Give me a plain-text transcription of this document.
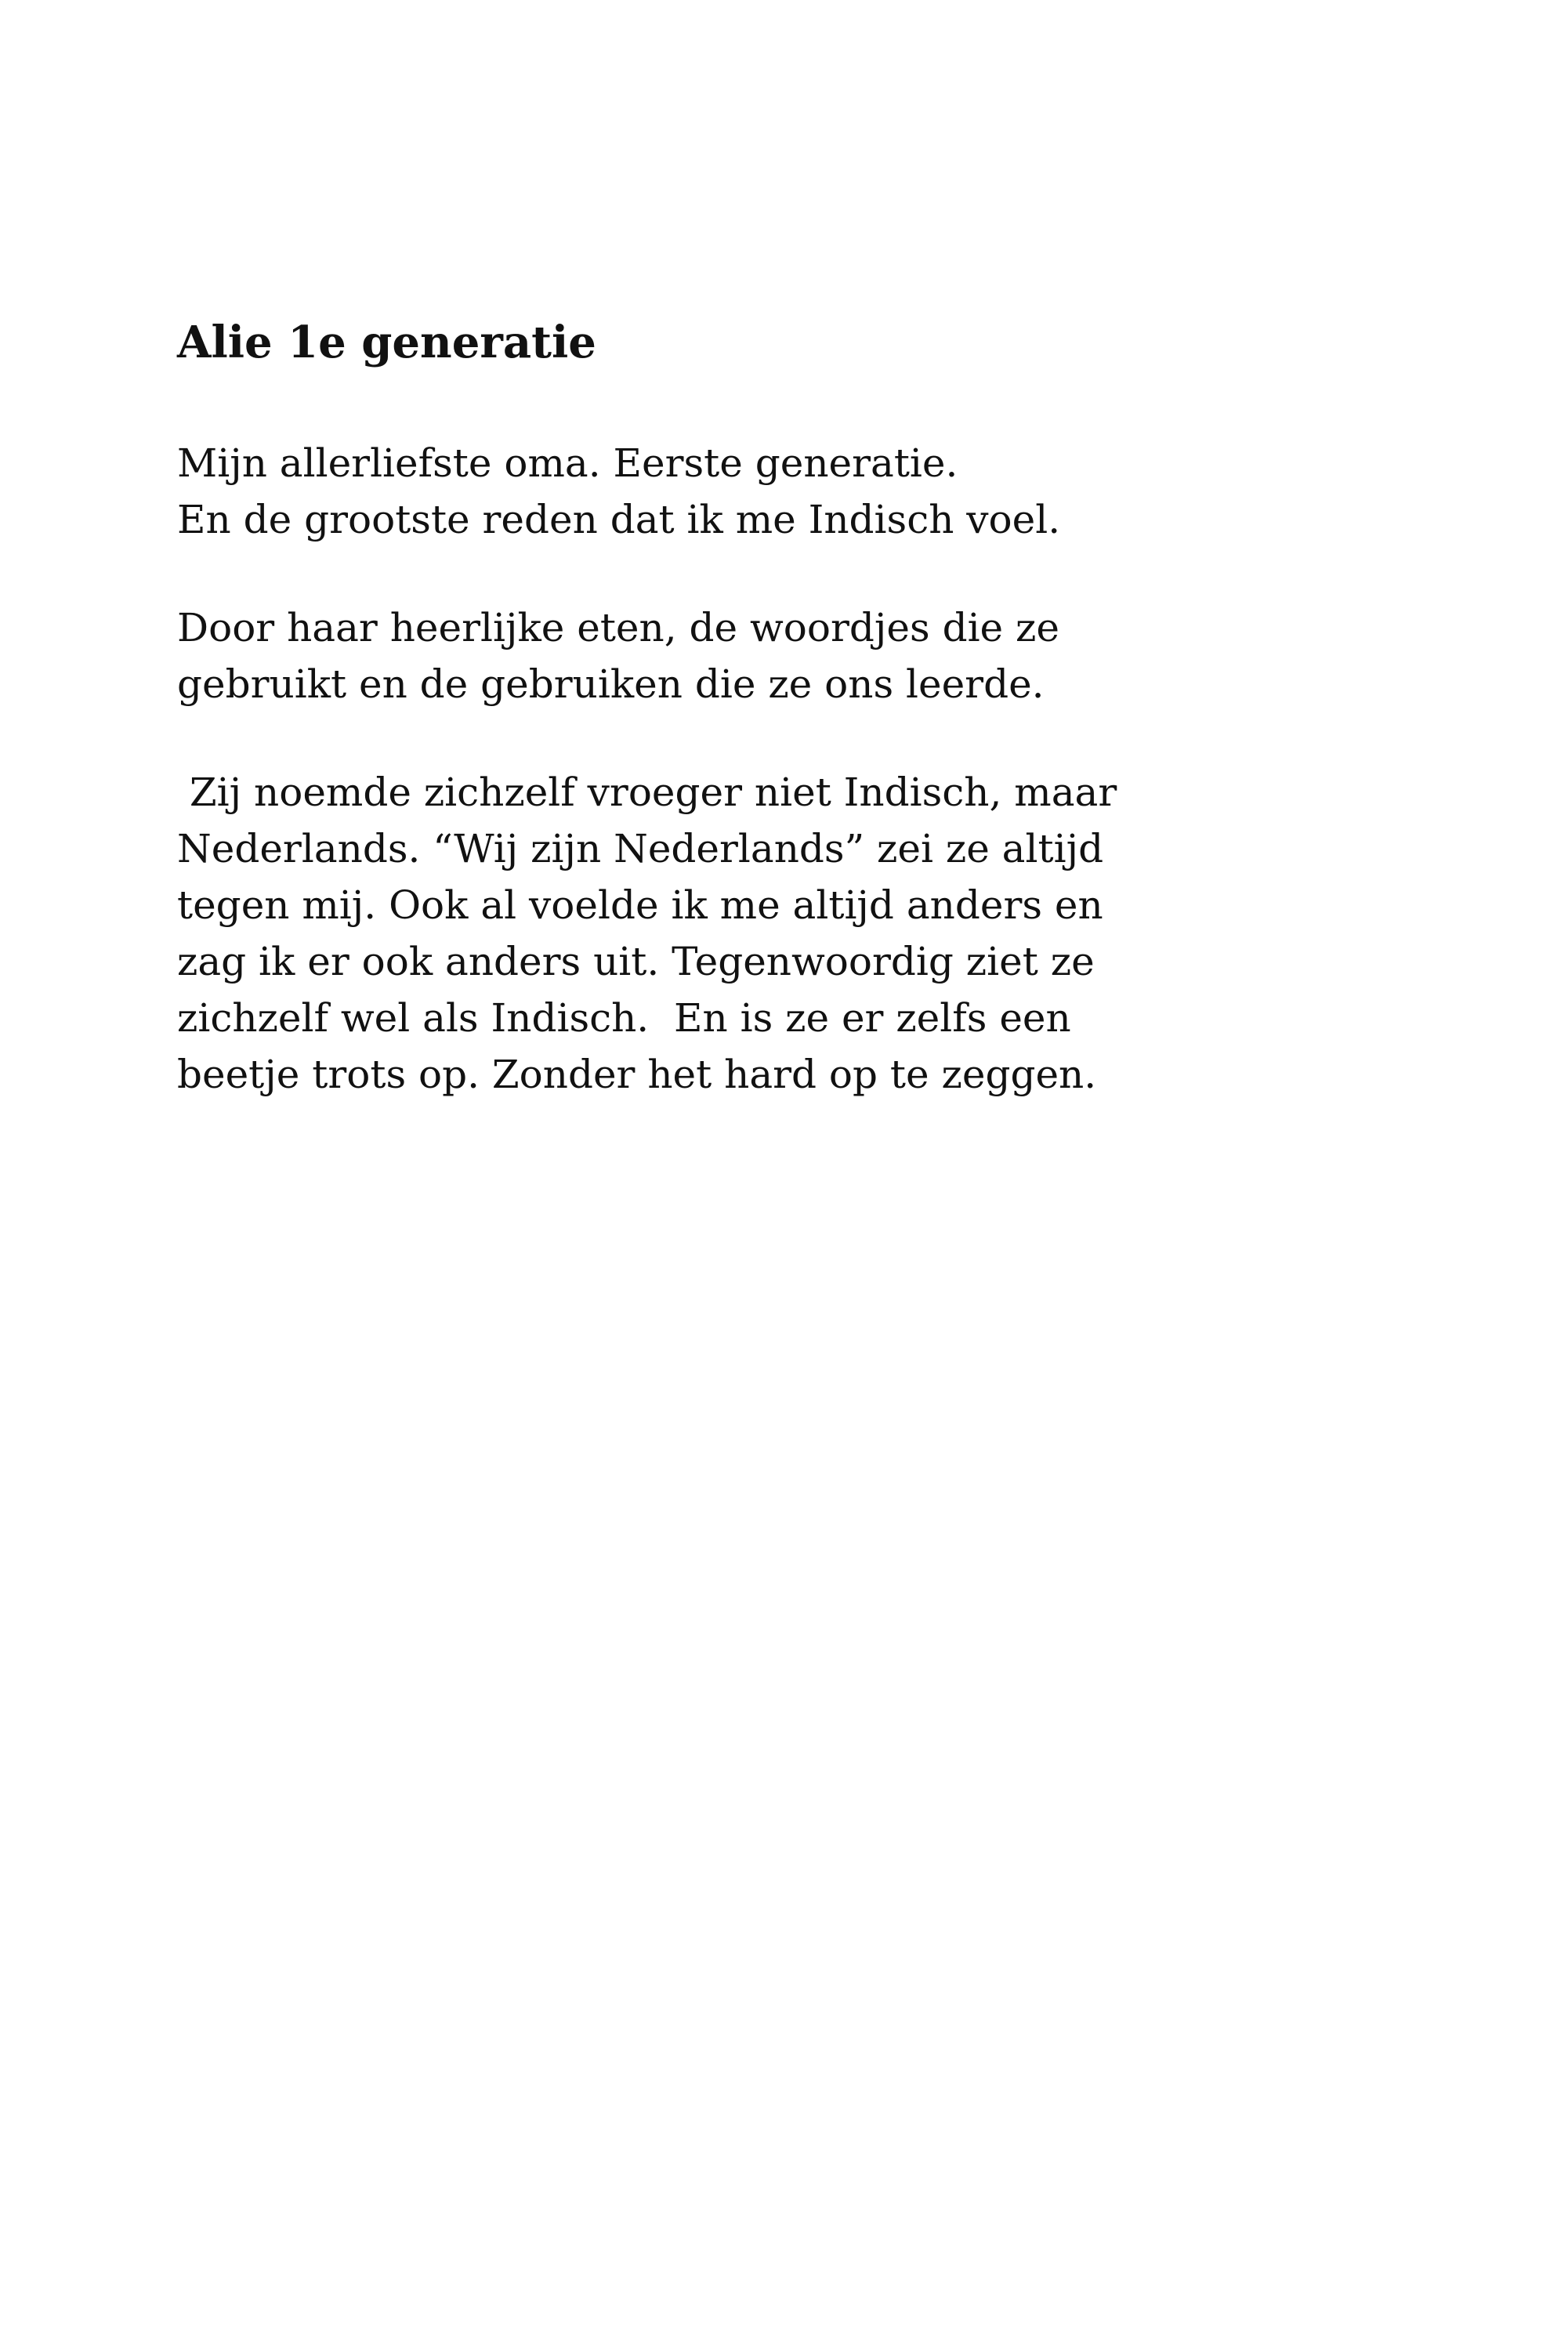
Alie 1e generatie

Mijn allerliefste oma. Eerste generatie.
En de grootste reden dat ik me Indisch voel.

Door haar heerlijke eten, de woordjes die ze
gebruikt en de gebruiken die ze ons leerde.

Zij noemde zichzelf vroeger niet Indisch, maar
Nederlands. “Wij zijn Nederlands” zei ze altijd
tegen mij. Ook al voelde ik me altijd anders en
zag ik er ook anders uit. Tegenwoordig ziet ze
zichzelf wel als Indisch.  En is ze er zelfs een
beetje trots op. Zonder het hard op te zeggen.
